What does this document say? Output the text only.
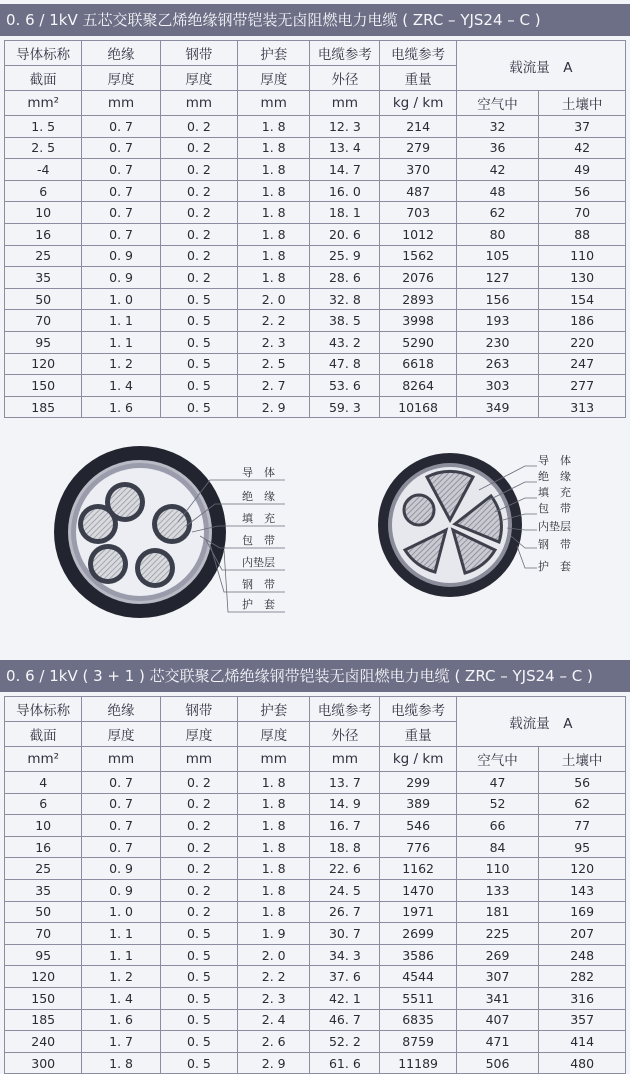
0. 6 / 1kV 五芯交联聚乙烯绝缘钢带铠装无卤阻燃电力电缆 ( ZRC – YJS24 – C )
导体标称	绝缘	钢带	护套	电缆参考	电缆参考	载流量　A	
截面	厚度	厚度	厚度	外径	重量		
mm²	mm	mm	mm	mm	kg / km	空气中	土壤中
1. 5	0. 7	0. 2	1. 8	12. 3	214	32	37
2. 5	0. 7	0. 2	1. 8	13. 4	279	36	42
-4	0. 7	0. 2	1. 8	14. 7	370	42	49
6	0. 7	0. 2	1. 8	16. 0	487	48	56
10	0. 7	0. 2	1. 8	18. 1	703	62	70
16	0. 7	0. 2	1. 8	20. 6	1012	80	88
25	0. 9	0. 2	1. 8	25. 9	1562	105	110
35	0. 9	0. 2	1. 8	28. 6	2076	127	130
50	1. 0	0. 5	2. 0	32. 8	2893	156	154
70	1. 1	0. 5	2. 2	38. 5	3998	193	186
95	1. 1	0. 5	2. 3	43. 2	5290	230	220
120	1. 2	0. 5	2. 5	47. 8	6618	263	247
150	1. 4	0. 5	2. 7	53. 6	8264	303	277
185	1. 6	0. 5	2. 9	59. 3	10168	349	313
导　体
绝　缘
填　充
包　带
内垫层
钢　带
护　套
导　体
绝　缘
填　充
包　带
内垫层
钢　带
护　套
0. 6 / 1kV ( 3 + 1 ) 芯交联聚乙烯绝缘钢带铠装无卤阻燃电力电缆 ( ZRC – YJS24 – C )
导体标称	绝缘	钢带	护套	电缆参考	电缆参考	载流量　A	
截面	厚度	厚度	厚度	外径	重量		
mm²	mm	mm	mm	mm	kg / km	空气中	土壤中
4	0. 7	0. 2	1. 8	13. 7	299	47	56
6	0. 7	0. 2	1. 8	14. 9	389	52	62
10	0. 7	0. 2	1. 8	16. 7	546	66	77
16	0. 7	0. 2	1. 8	18. 8	776	84	95
25	0. 9	0. 2	1. 8	22. 6	1162	110	120
35	0. 9	0. 2	1. 8	24. 5	1470	133	143
50	1. 0	0. 2	1. 8	26. 7	1971	181	169
70	1. 1	0. 5	1. 9	30. 7	2699	225	207
95	1. 1	0. 5	2. 0	34. 3	3586	269	248
120	1. 2	0. 5	2. 2	37. 6	4544	307	282
150	1. 4	0. 5	2. 3	42. 1	5511	341	316
185	1. 6	0. 5	2. 4	46. 7	6835	407	357
240	1. 7	0. 5	2. 6	52. 2	8759	471	414
300	1. 8	0. 5	2. 9	61. 6	11189	506	480
